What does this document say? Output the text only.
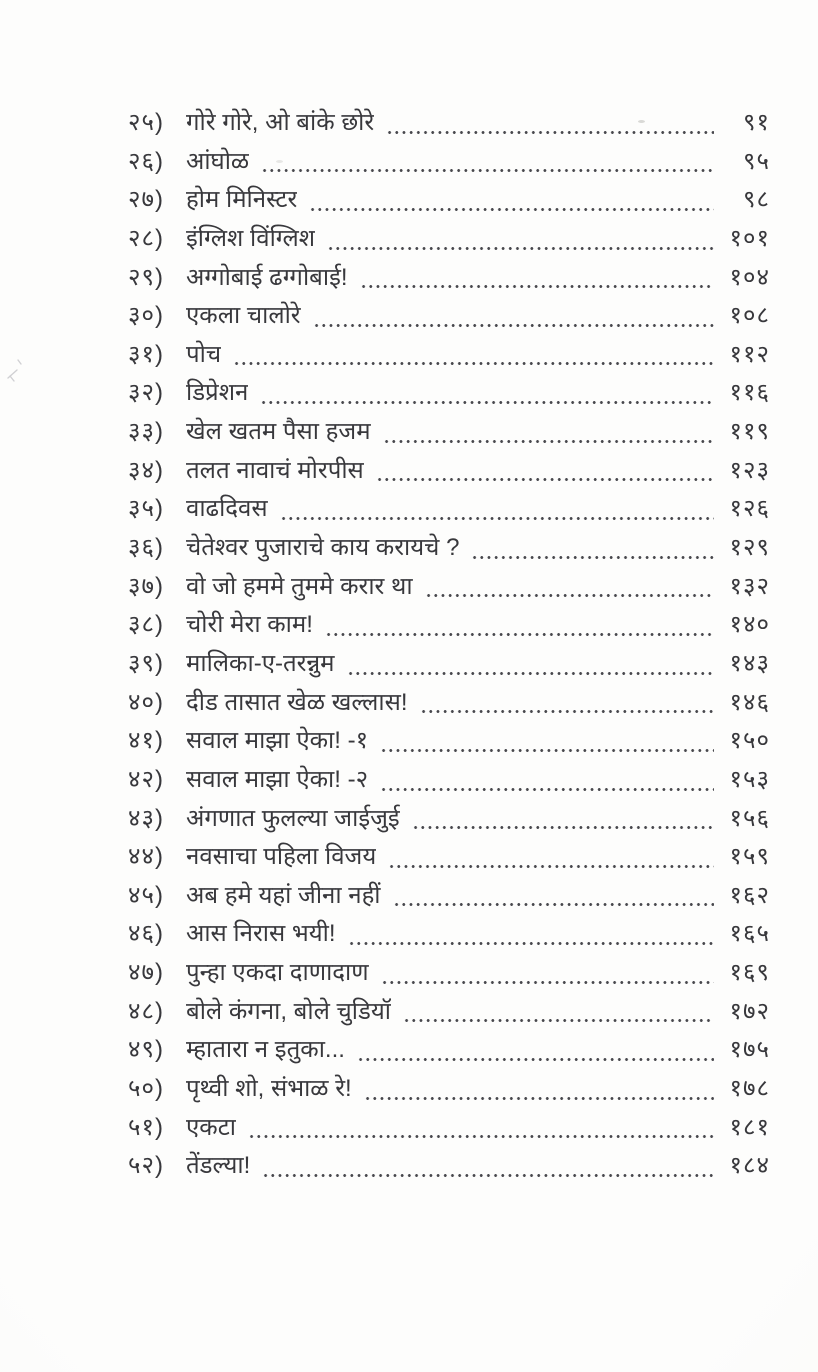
२५) गोरे गोरे, ओ बांके छोरे	९१
२६) आंघोळ	९५
२७) होम मिनिस्टर	९८
२८) इंग्लिश विंग्लिश	१०१
२९) अग्गोबाई ढग्गोबाई!	१०४
३०) एकला चालोरे	१०८
३१) पोच	११२
३२) डिप्रेशन	११६
३३) खेल खतम पैसा हजम	११९
३४) तलत नावाचं मोरपीस	१२३
३५) वाढदिवस	१२६
३६) चेतेश्वर पुजाराचे काय करायचे ?	१२९
३७) वो जो हममे तुममे करार था	१३२
३८) चोरी मेरा काम!	१४०
३९) मालिका-ए-तरन्नुम	१४३
४०) दीड तासात खेळ खल्लास!	१४६
४१) सवाल माझा ऐका! -१	१५०
४२) सवाल माझा ऐका! -२	१५३
४३) अंगणात फुलल्या जाईजुई	१५६
४४) नवसाचा पहिला विजय	१५९
४५) अब हमे यहां जीना नहीं	१६२
४६) आस निरास भयी!	१६५
४७) पुन्हा एकदा दाणादाण	१६९
४८) बोले कंगना, बोले चुडियॉ	१७२
४९) म्हातारा न इतुका...	१७५
५०) पृथ्वी शो, संभाळ रे!	१७८
५१) एकटा	१८१
५२) तेंडल्या!	१८४
